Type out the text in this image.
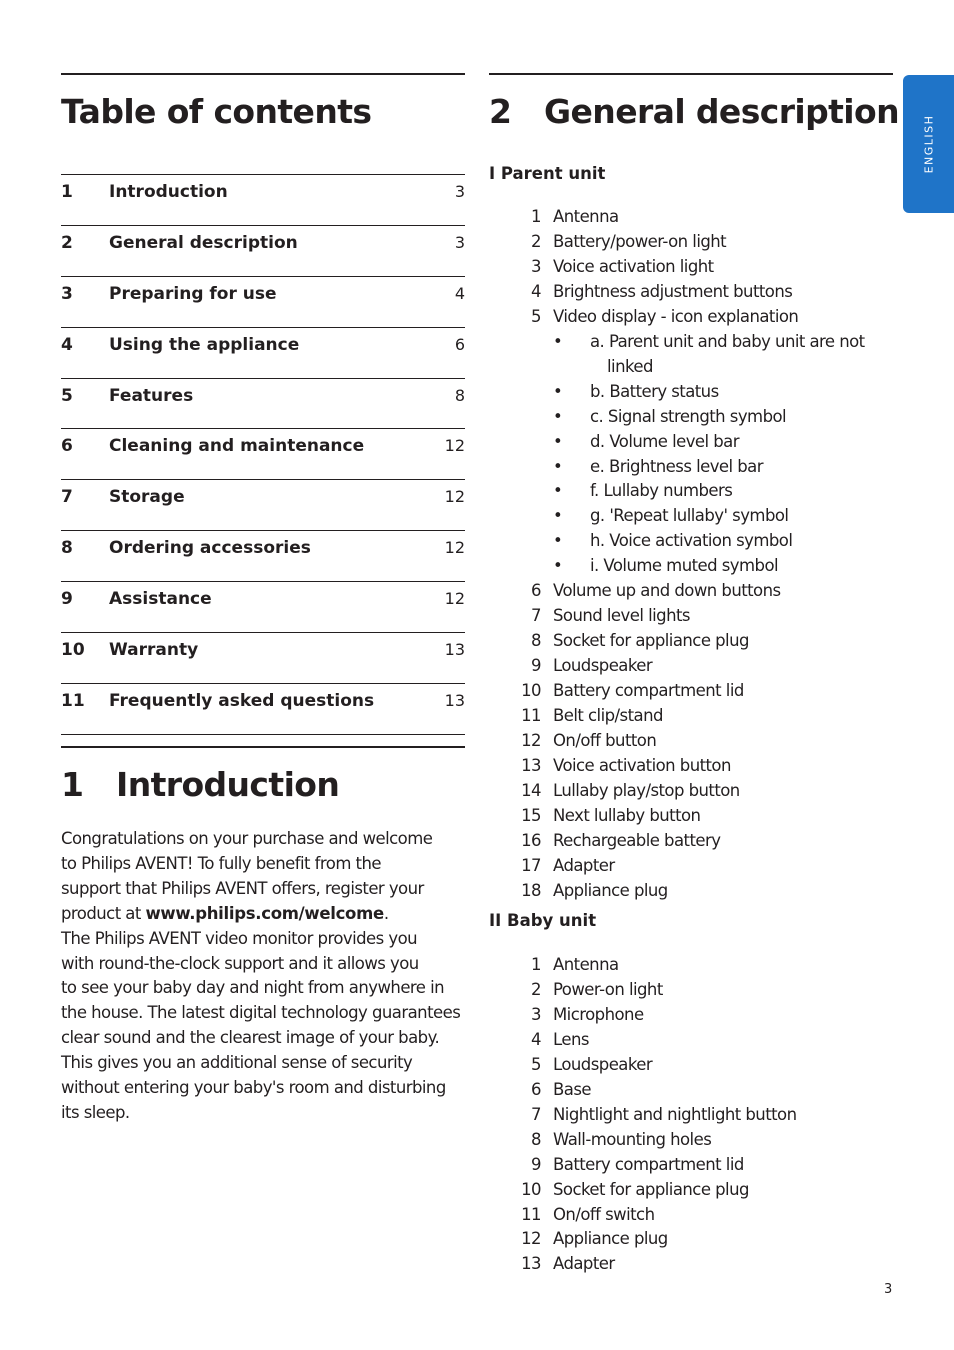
Table of contents
1 Introduction	3
2 General description	3
3 Preparing for use	4
4 Using the appliance	6
5 Features	8
6 Cleaning and maintenance	12
7 Storage	12
8 Ordering accessories	12
9 Assistance	12
10 Warranty	13
11 Frequently asked questions	13
1   Introduction
Congratulations on your purchase and welcome
to Philips AVENT! To fully benefit from the
support that Philips AVENT offers, register your
product at www.philips.com/welcome.
The Philips AVENT video monitor provides you
with round-the-clock support and it allows you
to see your baby day and night from anywhere in
the house. The latest digital technology guarantees
clear sound and the clearest image of your baby.
This gives you an additional sense of security
without entering your baby's room and disturbing
its sleep.
2   General description
I Parent unit
1 Antenna
2 Battery/power-on light
3 Voice activation light
4 Brightness adjustment buttons
5 Video display - icon explanation
• a. Parent unit and baby unit are not linked
• b. Battery status
• c. Signal strength symbol
• d. Volume level bar
• e. Brightness level bar
• f. Lullaby numbers
• g. 'Repeat lullaby' symbol
• h. Voice activation symbol
• i. Volume muted symbol
6 Volume up and down buttons
7 Sound level lights
8 Socket for appliance plug
9 Loudspeaker
10 Battery compartment lid
11 Belt clip/stand
12 On/off button
13 Voice activation button
14 Lullaby play/stop button
15 Next lullaby button
16 Rechargeable battery
17 Adapter
18 Appliance plug
II Baby unit
1 Antenna
2 Power-on light
3 Microphone
4 Lens
5 Loudspeaker
6 Base
7 Nightlight and nightlight button
8 Wall-mounting holes
9 Battery compartment lid
10 Socket for appliance plug
11 On/off switch
12 Appliance plug
13 Adapter
ENGLISH
3
